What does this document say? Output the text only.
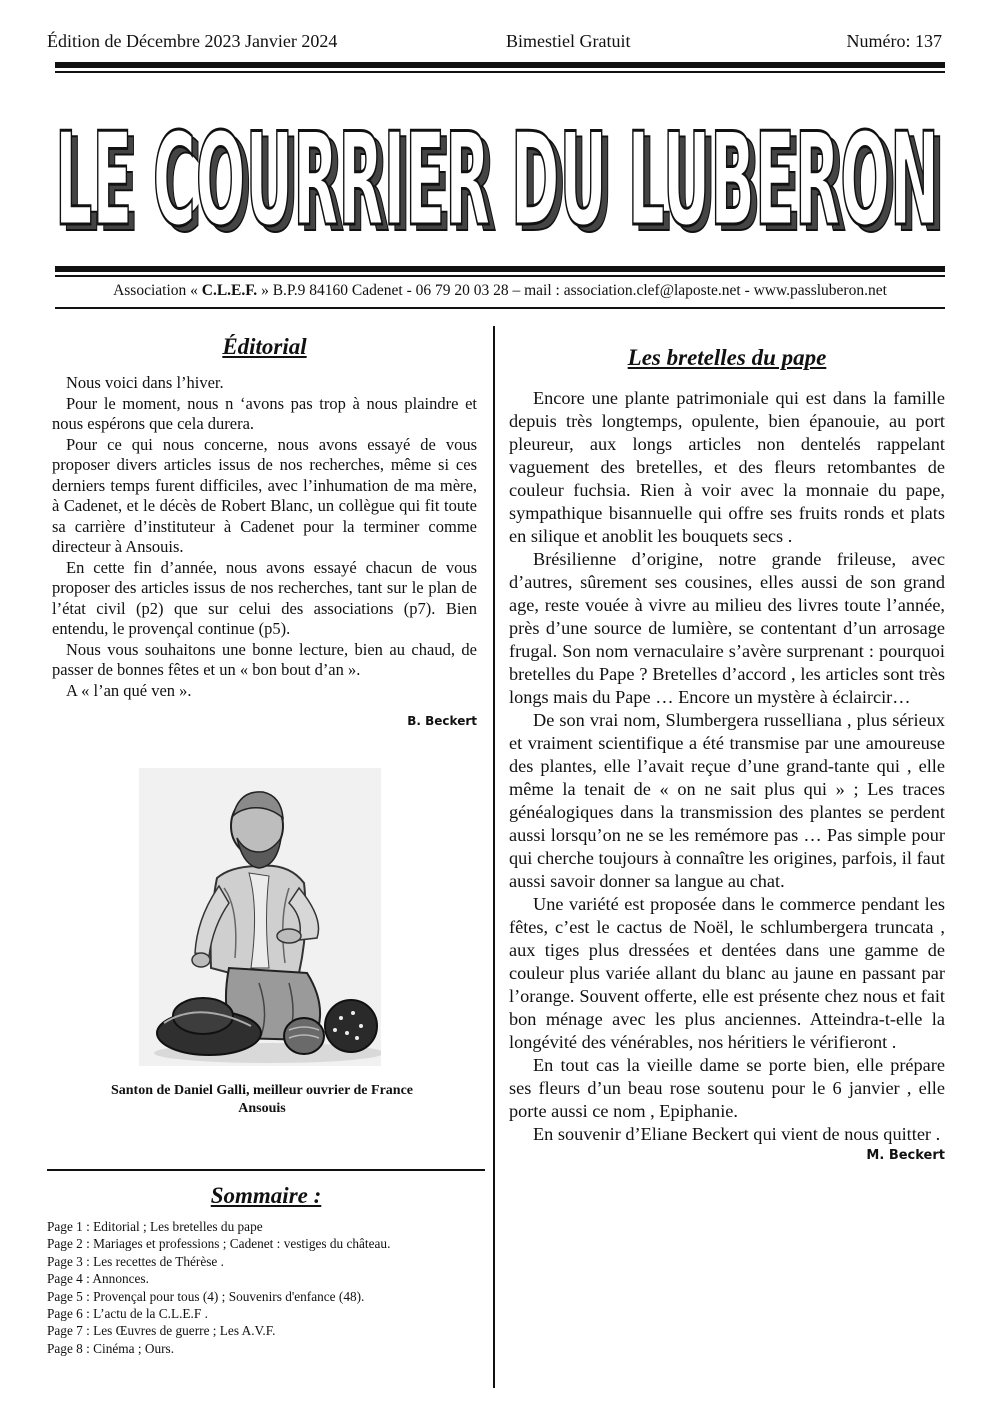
Édition de Décembre 2023 Janvier 2024	Bimestiel Gratuit	Numéro: 137
LE COURRIER DU LUBERON
LE COURRIER DU LUBERON
Association « C.L.E.F. » B.P.9 84160 Cadenet - 06 79 20 03 28 – mail : association.clef@laposte.net - www.passluberon.net
Éditorial

Nous voici dans l’hiver.

Pour le moment, nous n ‘avons pas trop à nous plaindre et nous espérons que cela durera.

Pour ce qui nous concerne, nous avons essayé de vous proposer divers articles issus de nos recherches, même si ces derniers temps furent difficiles, avec l’inhumation de ma mère, à Cadenet, et le décès de Robert Blanc, un collègue qui fit toute sa carrière d’instituteur à Cadenet pour la terminer comme directeur à Ansouis.

En cette fin d’année, nous avons essayé chacun de vous proposer des articles issus de nos recherches, tant sur le plan de l’état civil (p2) que sur celui des associations (p7). Bien entendu, le provençal continue (p5).

Nous vous souhaitons une bonne lecture, bien au chaud, de passer de bonnes fêtes et un « bon bout d’an ».

A « l’an qué ven ».

B. Beckert
Santon de Daniel Galli, meilleur ouvrier de France
Ansouis
Sommaire :
Page 1 : Editorial ; Les bretelles du pape
Page 2 : Mariages et professions ; Cadenet : vestiges du château.
Page 3 : Les recettes de Thérèse .
Page 4 : Annonces.
Page 5 : Provençal pour tous (4) ; Souvenirs d'enfance (48).
Page 6 : L’actu de la C.L.E.F .
Page 7 : Les Œuvres de guerre ; Les A.V.F.
Page 8 : Cinéma ; Ours.
Les bretelles du pape

Encore une plante patrimoniale qui est dans la famille depuis très longtemps, opulente, bien épanouie, au port pleureur, aux longs articles non dentelés rappelant vaguement des bretelles, et des fleurs retombantes de couleur fuchsia. Rien à voir avec la monnaie du pape, sympathique bisannuelle qui offre ses fruits ronds et plats en silique et anoblit les bouquets secs .

Brésilienne d’origine, notre grande frileuse, avec d’autres, sûrement ses cousines, elles aussi de son grand age, reste vouée à vivre au milieu des livres toute l’année, près d’une source de lumière, se contentant d’un arrosage frugal. Son nom vernaculaire s’avère surprenant : pourquoi bretelles du Pape ? Bretelles d’accord , les articles sont très longs mais du Pape … Encore un mystère à éclaircir…

De son vrai nom, Slumbergera russelliana , plus sérieux et vraiment scientifique a été transmise par une amoureuse des plantes, elle l’avait reçue d’une grand-tante qui , elle même la tenait de « on ne sait plus qui » ; Les traces généalogiques dans la transmission des plantes se perdent aussi lorsqu’on ne se les remémore pas … Pas simple pour qui cherche toujours à connaître les origines, parfois, il faut aussi savoir donner sa langue au chat.

Une variété est proposée dans le commerce pendant les fêtes, c’est le cactus de Noël, le schlumbergera truncata , aux tiges plus dressées et dentées dans une gamme de couleur plus variée allant du blanc au jaune en passant par l’orange. Souvent offerte, elle est présente chez nous et fait bon ménage avec les plus anciennes. Atteindra-t-elle la longévité des vénérables, nos héritiers le vérifieront .

En tout cas la vieille dame se porte bien, elle prépare ses fleurs d’un beau rose soutenu pour le 6 janvier , elle porte aussi ce nom , Epiphanie.

En souvenir d’Eliane Beckert qui vient de nous quitter .

M. Beckert
